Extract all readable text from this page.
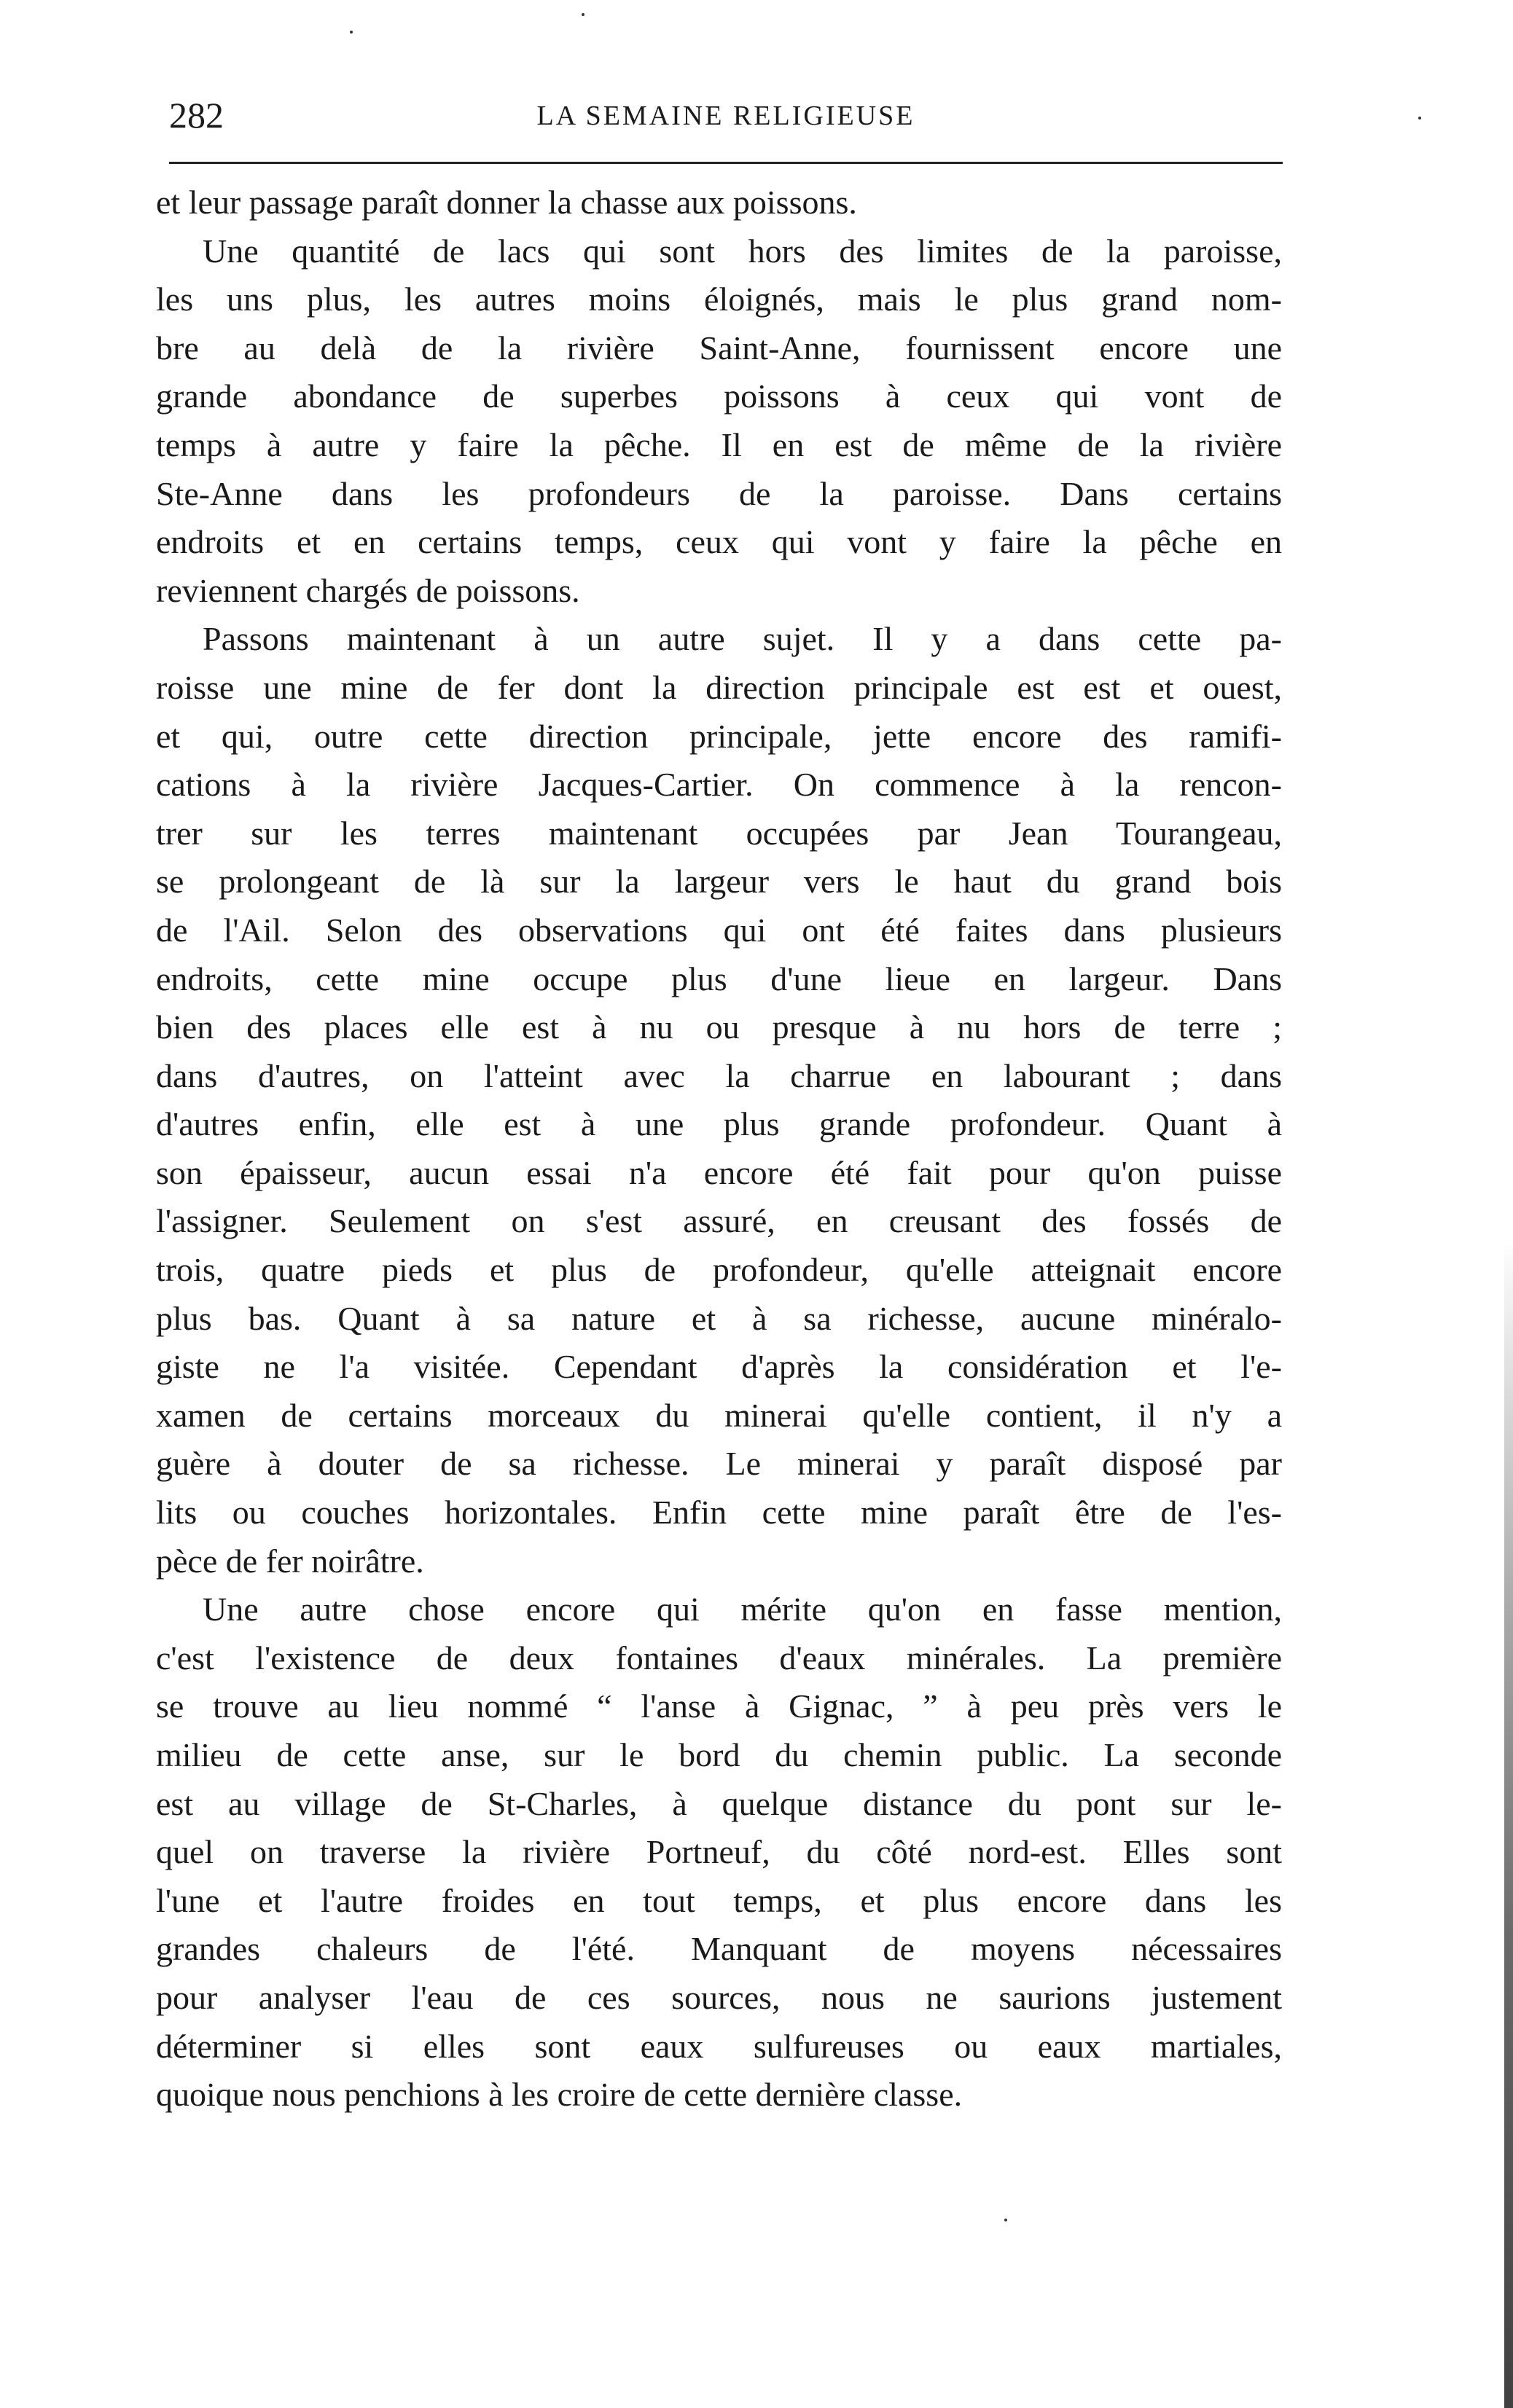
282	LA SEMAINE RELIGIEUSE
et leur passage paraît donner la chasse aux poissons.
Une quantité de lacs qui sont hors des limites de la paroisse,
les uns plus, les autres moins éloignés, mais le plus grand nom-
bre au delà de la rivière Saint-Anne, fournissent encore une
grande abondance de superbes poissons à ceux qui vont de
temps à autre y faire la pêche. Il en est de même de la rivière
Ste-Anne dans les profondeurs de la paroisse. Dans certains
endroits et en certains temps, ceux qui vont y faire la pêche en
reviennent chargés de poissons.
Passons maintenant à un autre sujet. Il y a dans cette pa-
roisse une mine de fer dont la direction principale est est et ouest,
et qui, outre cette direction principale, jette encore des ramifi-
cations à la rivière Jacques-Cartier. On commence à la rencon-
trer sur les terres maintenant occupées par Jean Tourangeau,
se prolongeant de là sur la largeur vers le haut du grand bois
de l'Ail. Selon des observations qui ont été faites dans plusieurs
endroits, cette mine occupe plus d'une lieue en largeur. Dans
bien des places elle est à nu ou presque à nu hors de terre ;
dans d'autres, on l'atteint avec la charrue en labourant ; dans
d'autres enfin, elle est à une plus grande profondeur. Quant à
son épaisseur, aucun essai n'a encore été fait pour qu'on puisse
l'assigner. Seulement on s'est assuré, en creusant des fossés de
trois, quatre pieds et plus de profondeur, qu'elle atteignait encore
plus bas. Quant à sa nature et à sa richesse, aucune minéralo-
giste ne l'a visitée. Cependant d'après la considération et l'e-
xamen de certains morceaux du minerai qu'elle contient, il n'y a
guère à douter de sa richesse. Le minerai y paraît disposé par
lits ou couches horizontales. Enfin cette mine paraît être de l'es-
pèce de fer noirâtre.
Une autre chose encore qui mérite qu'on en fasse mention,
c'est l'existence de deux fontaines d'eaux minérales. La première
se trouve au lieu nommé “ l'anse à Gignac, ” à peu près vers le
milieu de cette anse, sur le bord du chemin public. La seconde
est au village de St-Charles, à quelque distance du pont sur le-
quel on traverse la rivière Portneuf, du côté nord-est. Elles sont
l'une et l'autre froides en tout temps, et plus encore dans les
grandes chaleurs de l'été. Manquant de moyens nécessaires
pour analyser l'eau de ces sources, nous ne saurions justement
déterminer si elles sont eaux sulfureuses ou eaux martiales,
quoique nous penchions à les croire de cette dernière classe.
